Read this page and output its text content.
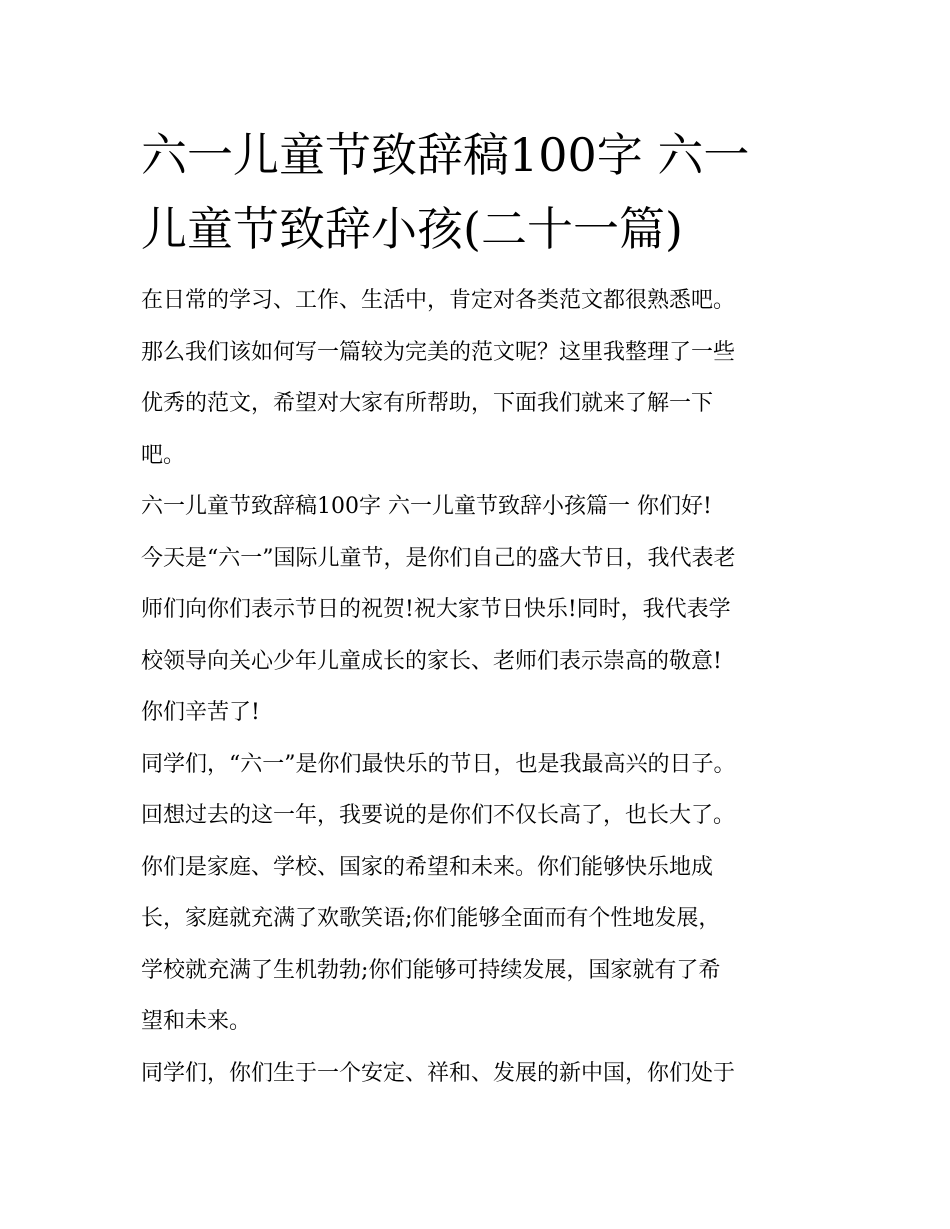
六一儿童节致辞稿100字 六一
儿童节致辞小孩(二十一篇)

在日常的学习、工作、生活中，肯定对各类范文都很熟悉吧。

那么我们该如何写一篇较为完美的范文呢？这里我整理了一些

优秀的范文，希望对大家有所帮助，下面我们就来了解一下

吧。

六一儿童节致辞稿100字 六一儿童节致辞小孩篇一 你们好!

今天是“六一”国际儿童节，是你们自己的盛大节日，我代表老

师们向你们表示节日的祝贺!祝大家节日快乐!同时，我代表学

校领导向关心少年儿童成长的家长、老师们表示崇高的敬意!

你们辛苦了!

同学们，“六一”是你们最快乐的节日，也是我最高兴的日子。

回想过去的这一年，我要说的是你们不仅长高了，也长大了。

你们是家庭、学校、国家的希望和未来。你们能够快乐地成

长，家庭就充满了欢歌笑语;你们能够全面而有个性地发展，

学校就充满了生机勃勃;你们能够可持续发展，国家就有了希

望和未来。

同学们，你们生于一个安定、祥和、发展的新中国，你们处于
